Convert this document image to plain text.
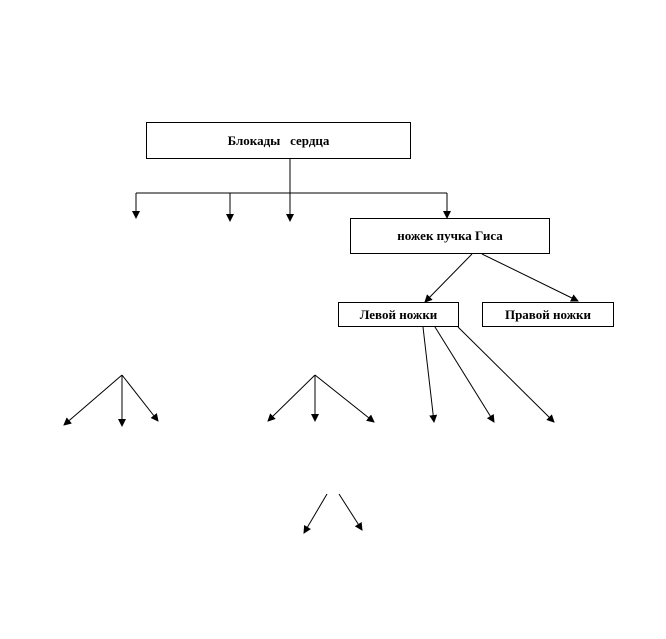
Блокады   сердца
ножек пучка Гиса
Левой ножки	Правой ножки
